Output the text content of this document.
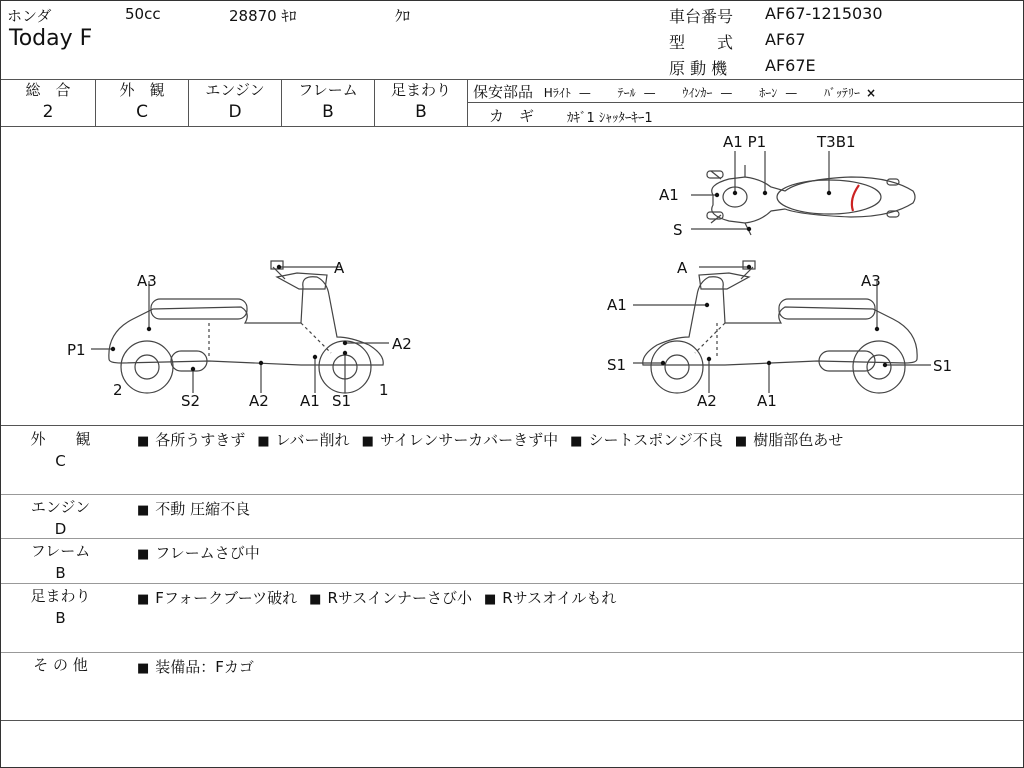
ホンダ	50cc	28870 ｷﾛ	ｸﾛ
Today F
車台番号 AF67-1215030
型　　式 AF67
原 動 機 AF67E
総　合
2
外　観
C
エンジン
D
フレーム
B
足まわり
B
保安部品 Hﾗｲﾄ — ﾃｰﾙ — ｳｲﾝｶｰ — ﾎｰﾝ — ﾊﾞｯﾃﾘｰ ×
カ　ギ	ｶｷﾞ1 ｼｬｯﾀｰｷｰ1
A1 P1	T3B1
A1
S
A3
A
P1	A2
2
S2	A2 A1 S1
1
A
A3
A1
S1	S1
A2	A1
外　　観
C
■ 各所うすきず ■ レバー削れ ■ サイレンサーカバーきず中 ■ シートスポンジ不良 ■ 樹脂部色あせ
エンジン
D
■ 不動 圧縮不良
フレーム
B
■ フレームさび中
足まわり
B
■ Fフォークブーツ破れ ■ Rサスインナーさび小 ■ Rサスオイルもれ
そ の 他	■ 装備品：Fカゴ
